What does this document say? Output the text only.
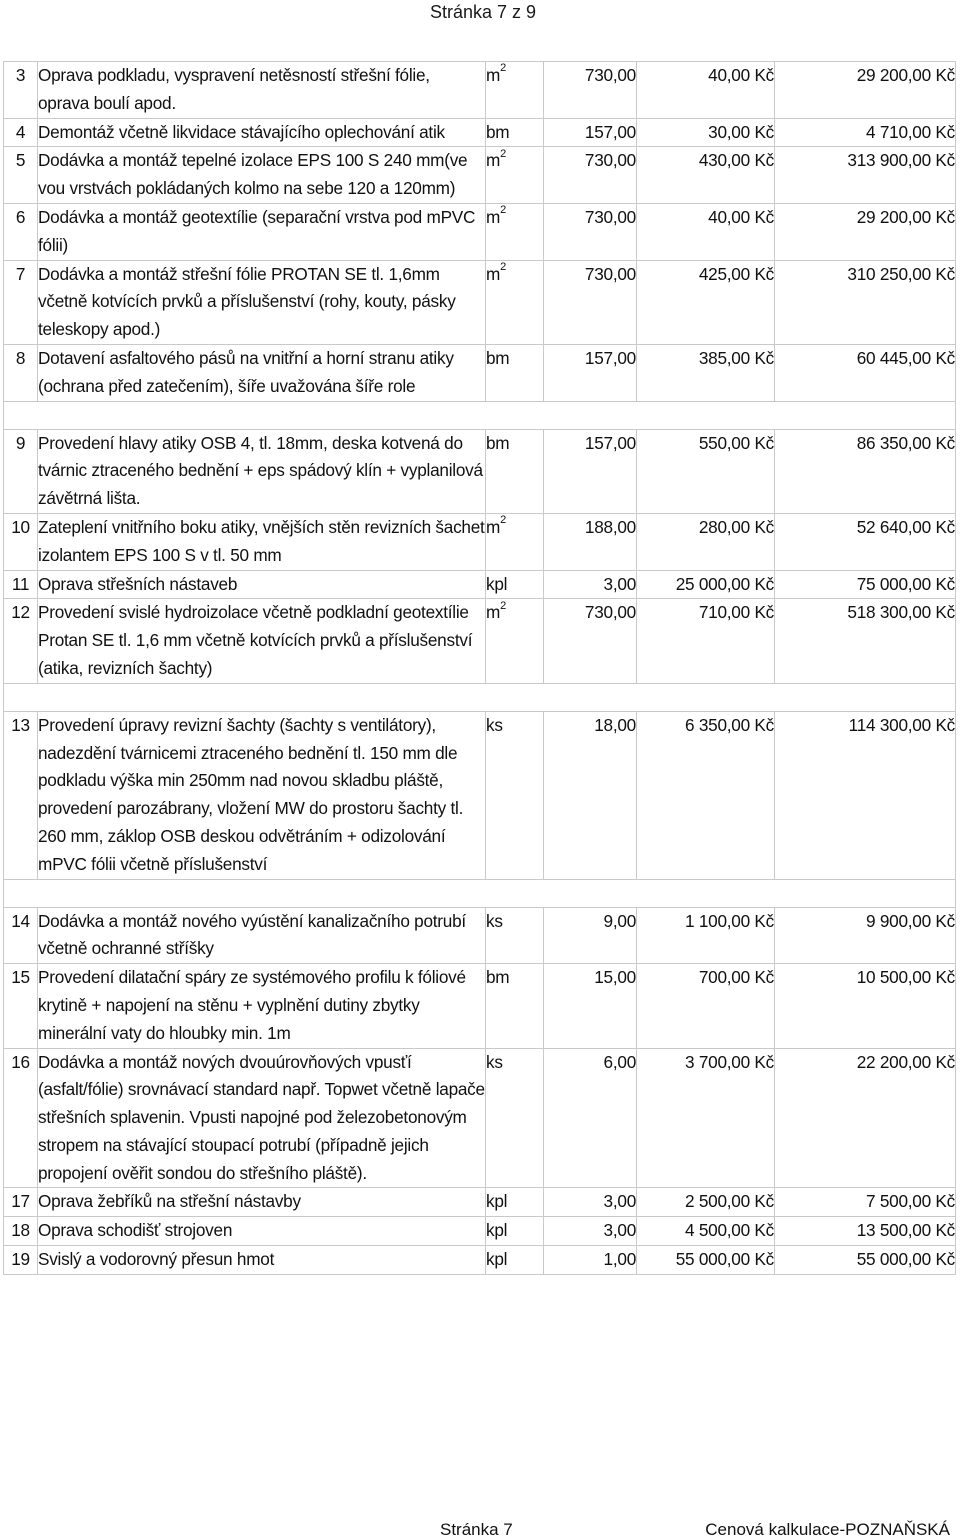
Stránka 7 z 9
3	Oprava podkladu, vyspravení netěsností střešní fólie, oprava boulí apod.	$m^2$	730,00	40,00 Kč	29 200,00 Kč
4	Demontáž včetně likvidace stávajícího oplechování atik	bm	157,00	30,00 Kč	4 710,00 Kč
5	Dodávka a montáž tepelné izolace EPS 100 S 240 mm(ve vou vrstvách pokládaných kolmo na sebe 120 a 120mm)	$m^2$	730,00	430,00 Kč	313 900,00 Kč
6	Dodávka a montáž geotextílie (separační vrstva pod mPVC fólii)	$m^2$	730,00	40,00 Kč	29 200,00 Kč
7	Dodávka a montáž střešní fólie PROTAN SE tl. 1,6mm včetně kotvících prvků a příslušenství (rohy, kouty, pásky teleskopy apod.)	$m^2$	730,00	425,00 Kč	310 250,00 Kč
8	Dotavení asfaltového pásů na vnitřní a horní stranu atiky (ochrana před zatečením), šíře uvažována šíře role	bm	157,00	385,00 Kč	60 445,00 Kč

9	Provedení hlavy atiky OSB 4, tl. 18mm, deska kotvená do tvárnic ztraceného bednění + eps spádový klín + vyplanilová závětrná lišta.	bm	157,00	550,00 Kč	86 350,00 Kč
10	Zateplení vnitřního boku atiky, vnějších stěn revizních šachet izolantem EPS 100 S v tl. 50 mm	$m^2$	188,00	280,00 Kč	52 640,00 Kč
11	Oprava střešních nástaveb	kpl	3,00	25 000,00 Kč	75 000,00 Kč
12	Provedení svislé hydroizolace včetně podkladní geotextílie Protan SE tl. 1,6 mm včetně kotvících prvků a příslušenství (atika, revizních šachty)	$m^2$	730,00	710,00 Kč	518 300,00 Kč

13	Provedení úpravy revizní šachty (šachty s ventilátory), nadezdění tvárnicemi ztraceného bednění tl. 150 mm dle podkladu výška min 250mm nad novou skladbu pláště, provedení parozábrany, vložení MW do prostoru šachty tl. 260 mm, záklop OSB deskou odvětráním + odizolování mPVC fólii včetně příslušenství	ks	18,00	6 350,00 Kč	114 300,00 Kč

14	Dodávka a montáž nového vyústění kanalizačního potrubí včetně ochranné stříšky	ks	9,00	1 100,00 Kč	9 900,00 Kč
15	Provedení dilatační spáry ze systémového profilu k fóliové krytině + napojení na stěnu + vyplnění dutiny zbytky minerální vaty do hloubky min. 1m	bm	15,00	700,00 Kč	10 500,00 Kč
16	Dodávka a montáž nových dvouúrovňových vpusťí (asfalt/fólie) srovnávací standard např. Topwet včetně lapače střešních splavenin. Vpusti napojné pod železobetonovým stropem na stávající stoupací potrubí (případně jejich propojení ověřit sondou do střešního pláště).	ks	6,00	3 700,00 Kč	22 200,00 Kč
17	Oprava žebříků na střešní nástavby	kpl	3,00	2 500,00 Kč	7 500,00 Kč
18	Oprava schodišť strojoven	kpl	3,00	4 500,00 Kč	13 500,00 Kč
19	Svislý a vodorovný přesun hmot	kpl	1,00	55 000,00 Kč	55 000,00 Kč
Stránka 7	Cenová kalkulace-POZNAŇSKÁ
